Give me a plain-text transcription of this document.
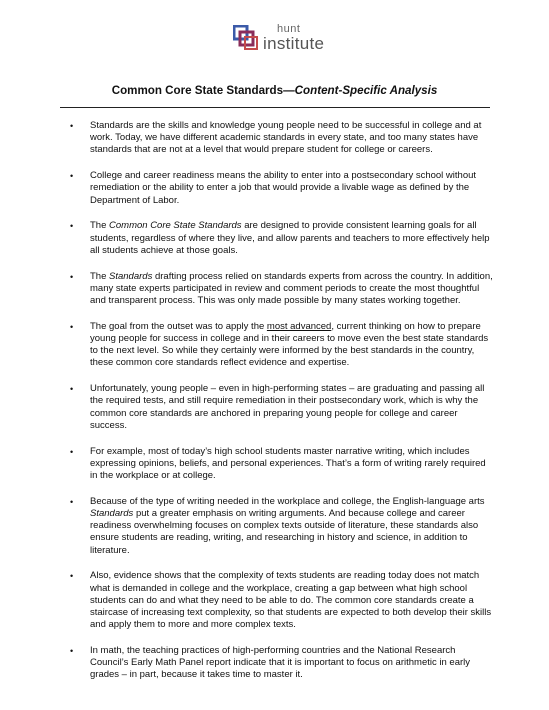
hunt
institute
Common Core State Standards—Content-Specific Analysis
•	Standards are the skills and knowledge young people need to be successful in college and at work. Today, we have different academic standards in every state, and too many states have standards that are not at a level that would prepare student for college or careers.
•	College and career readiness means the ability to enter into a postsecondary school without remediation or the ability to enter a job that would provide a livable wage as defined by the Department of Labor.
•	The Common Core State Standards are designed to provide consistent learning goals for all students, regardless of where they live, and allow parents and teachers to more effectively help all students achieve at those goals.
•	The Standards drafting process relied on standards experts from across the country. In addition, many state experts participated in review and comment periods to create the most thoughtful and transparent process. This was only made possible by many states working together.
•	The goal from the outset was to apply the most advanced, current thinking on how to prepare young people for success in college and in their careers to move even the best state standards to the next level. So while they certainly were informed by the best standards in the country, these common core standards reflect evidence and expertise.
•	Unfortunately, young people – even in high-performing states – are graduating and passing all the required tests, and still require remediation in their postsecondary work, which is why the common core standards are anchored in preparing young people for college and career success.
•	For example, most of today’s high school students master narrative writing, which includes expressing opinions, beliefs, and personal experiences. That’s a form of writing rarely required in the workplace or at college.
•	Because of the type of writing needed in the workplace and college, the English-language arts Standards put a greater emphasis on writing arguments. And because college and career readiness overwhelming focuses on complex texts outside of literature, these standards also ensure students are reading, writing, and researching in history and science, in addition to literature.
•	Also, evidence shows that the complexity of texts students are reading today does not match what is demanded in college and the workplace, creating a gap between what high school students can do and what they need to be able to do. The common core standards create a staircase of increasing text complexity, so that students are expected to both develop their skills and apply them to more and more complex texts.
•	In math, the teaching practices of high-performing countries and the National Research Council’s Early Math Panel report indicate that it is important to focus on arithmetic in early grades – in part, because it takes time to master it.
